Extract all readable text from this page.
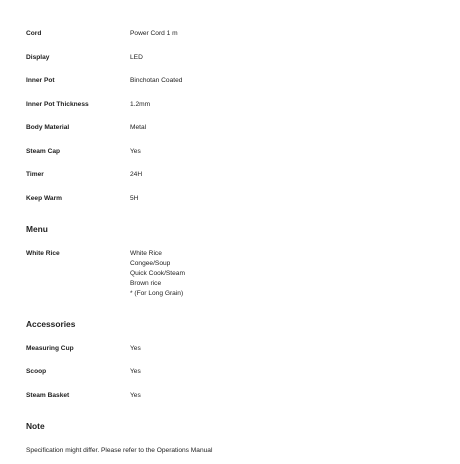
Cord	Power Cord 1 m
Display	LED
Inner Pot	Binchotan Coated
Inner Pot Thickness	1.2mm
Body Material	Metal
Steam Cap	Yes
Timer	24H
Keep Warm	5H
Menu
White Rice	White Rice
Congee/Soup
Quick Cook/Steam
Brown rice
* (For Long Grain)
Accessories
Measuring Cup	Yes
Scoop	Yes
Steam Basket	Yes
Note
Specification might differ. Please refer to the Operations Manual
